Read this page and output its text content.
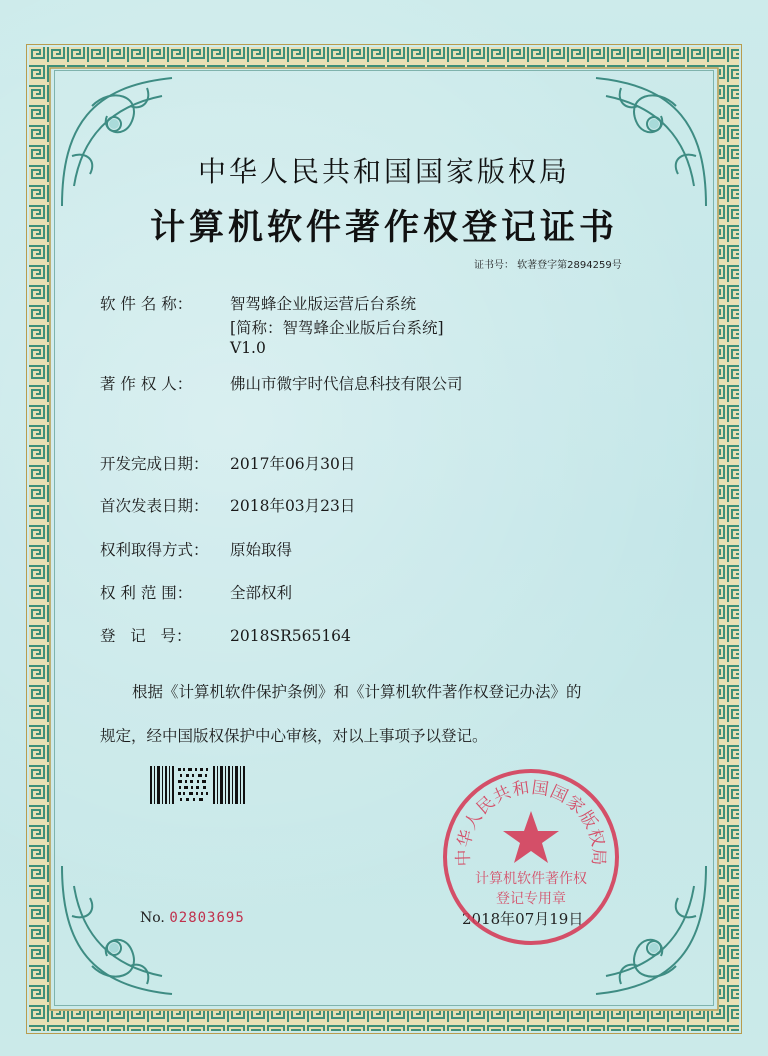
中华人民共和国国家版权局
计算机软件著作权登记证书
证书号： 软著登字第2894259号
软 件 名 称： 智驾蜂企业版运营后台系统
[简称：智驾蜂企业版后台系统]
V1.0
著 作 权 人： 佛山市微宇时代信息科技有限公司
开发完成日期： 2017年06月30日
首次发表日期： 2018年03月23日
权利取得方式： 原始取得
权 利 范 围： 全部权利
登   记   号： 2018SR565164
根据《计算机软件保护条例》和《计算机软件著作权登记办法》的
规定，经中国版权保护中心审核，对以上事项予以登记。
No. 02803695	2018年07月19日
中华人民共和国国家版权局
计算机软件著作权
登记专用章
